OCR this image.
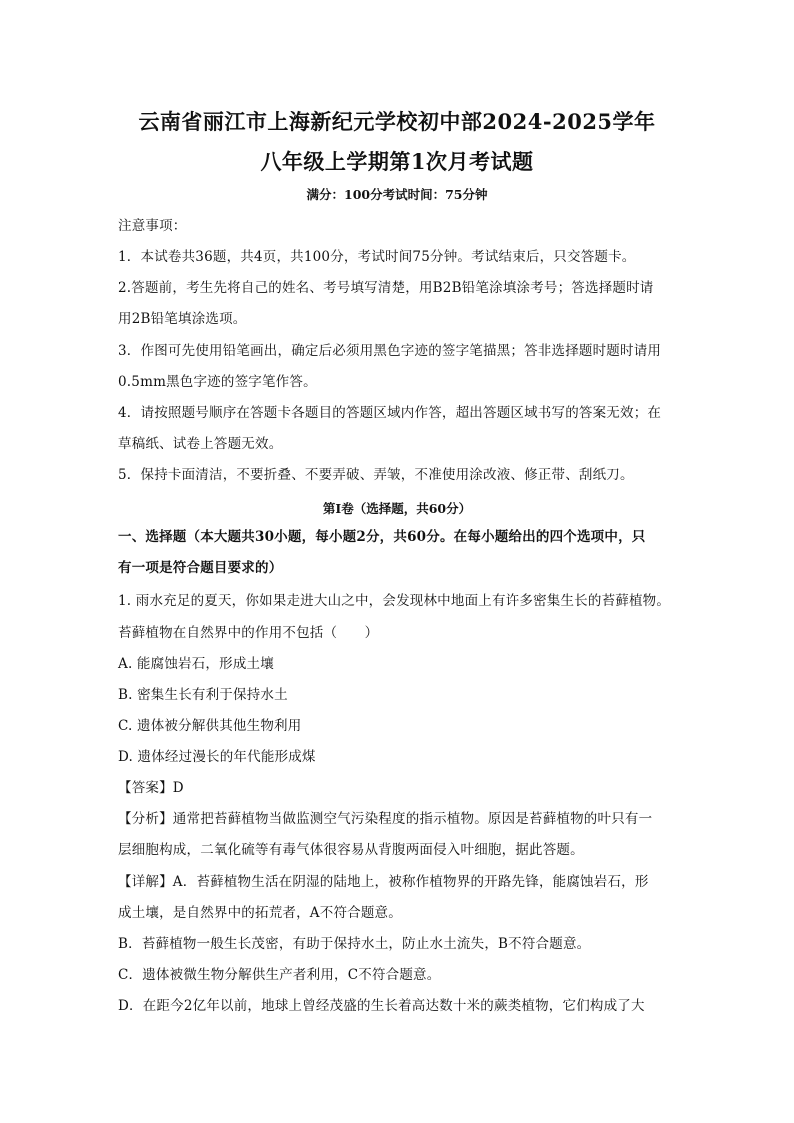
云南省丽江市上海新纪元学校初中部2024-2025学年
八年级上学期第1次月考试题
满分：100分考试时间：75分钟
注意事项：
1．本试卷共36题，共4页，共100分，考试时间75分钟。考试结束后，只交答题卡。
2.答题前，考生先将自己的姓名、考号填写清楚，用B2B铅笔涂填涂考号；答选择题时请
用2B铅笔填涂选项。
3．作图可先使用铅笔画出，确定后必须用黑色字迹的签字笔描黑；答非选择题时题时请用
0.5mm黑色字迹的签字笔作答。
4．请按照题号顺序在答题卡各题目的答题区域内作答，超出答题区域书写的答案无效；在
草稿纸、试卷上答题无效。
5．保持卡面清洁，不要折叠、不要弄破、弄皱，不准使用涂改液、修正带、刮纸刀。
第I卷（选择题，共60分）
一、选择题（本大题共30小题，每小题2分，共60分。在每小题给出的四个选项中，只
有一项是符合题目要求的）
1. 雨水充足的夏天，你如果走进大山之中，会发现林中地面上有许多密集生长的苔藓植物。
苔藓植物在自然界中的作用不包括（　　）
A. 能腐蚀岩石，形成土壤
B. 密集生长有利于保持水土
C. 遗体被分解供其他生物利用
D. 遗体经过漫长的年代能形成煤
【答案】D
【分析】通常把苔藓植物当做监测空气污染程度的指示植物。原因是苔藓植物的叶只有一
层细胞构成，二氧化硫等有毒气体很容易从背腹两面侵入叶细胞，据此答题。
【详解】A．苔藓植物生活在阴湿的陆地上，被称作植物界的开路先锋，能腐蚀岩石，形
成土壤，是自然界中的拓荒者，A不符合题意。
B．苔藓植物一般生长茂密，有助于保持水土，防止水土流失，B不符合题意。
C．遗体被微生物分解供生产者利用，C不符合题意。
D．在距今2亿年以前，地球上曾经茂盛的生长着高达数十米的蕨类植物，它们构成了大
